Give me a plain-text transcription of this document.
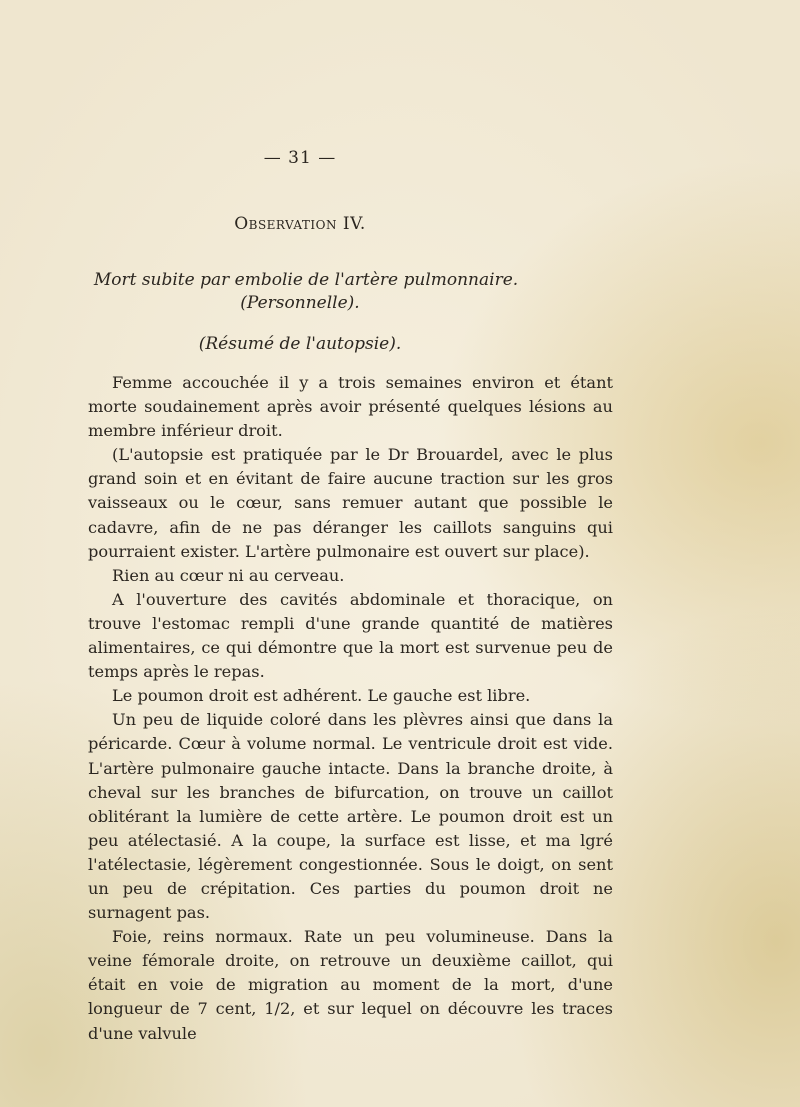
— 31 —
Observation IV.
Mort subite par embolie de l'artère pulmonnaire.
(Personnelle).
(Résumé de l'autopsie).

Femme accouchée il y a trois semaines environ et étant morte soudainement après avoir présenté quelques lésions au membre inférieur droit.

(L'autopsie est pratiquée par le Dr Brouardel, avec le plus grand soin et en évitant de faire aucune traction sur les gros vaisseaux ou le cœur, sans remuer autant que possible le cadavre, afin de ne pas déranger les caillots sanguins qui pourraient exister. L'artère pulmonaire est ouvert sur place).

Rien au cœur ni au cerveau.

A l'ouverture des cavités abdominale et thoracique, on trouve l'estomac rempli d'une grande quantité de matières alimentaires, ce qui démontre que la mort est survenue peu de temps après le repas.

Le poumon droit est adhérent. Le gauche est libre.

Un peu de liquide coloré dans les plèvres ainsi que dans la péricarde. Cœur à volume normal. Le ventricule droit est vide. L'artère pulmonaire gauche intacte. Dans la branche droite, à cheval sur les branches de bifurcation, on trouve un caillot oblitérant la lumière de cette artère. Le poumon droit est un peu atélectasié. A la coupe, la surface est lisse, et ma lgré l'atélectasie, légèrement congestionnée. Sous le doigt, on sent un peu de crépitation. Ces parties du poumon droit ne surnagent pas.

Foie, reins normaux. Rate un peu volumineuse. Dans la veine fémorale droite, on retrouve un deuxième caillot, qui était en voie de migration au moment de la mort, d'une longueur de 7 cent, 1/2, et sur lequel on découvre les traces d'une valvule
